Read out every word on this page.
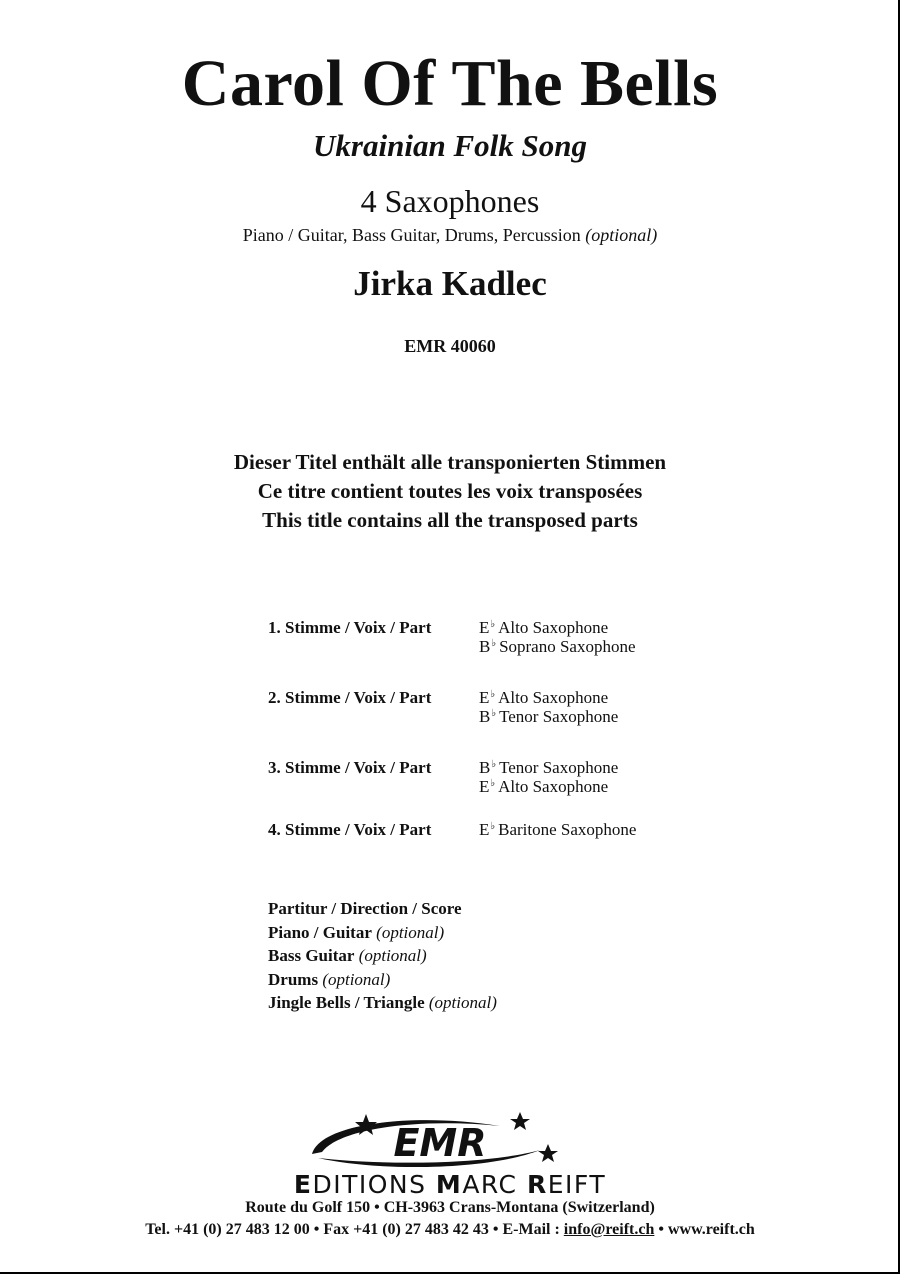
Carol Of The Bells
Ukrainian Folk Song
4 Saxophones
Piano / Guitar, Bass Guitar, Drums, Percussion (optional)
Jirka Kadlec
EMR 40060
Dieser Titel enthält alle transponierten Stimmen
Ce titre contient toutes les voix transposées
This title contains all the transposed parts
1. Stimme / Voix / Part	E♭ Alto Saxophone
B♭ Soprano Saxophone
2. Stimme / Voix / Part	E♭ Alto Saxophone
B♭ Tenor Saxophone
3. Stimme / Voix / Part	B♭ Tenor Saxophone
E♭ Alto Saxophone
4. Stimme / Voix / Part	E♭ Baritone Saxophone
Partitur / Direction / Score
Piano / Guitar (optional)
Bass Guitar (optional)
Drums (optional)
Jingle Bells / Triangle (optional)
EMR
EDITIONS MARC REIFT
Route du Golf 150 • CH-3963 Crans-Montana (Switzerland)
Tel. +41 (0) 27 483 12 00 • Fax +41 (0) 27 483 42 43 • E-Mail : info@reift.ch • www.reift.ch
